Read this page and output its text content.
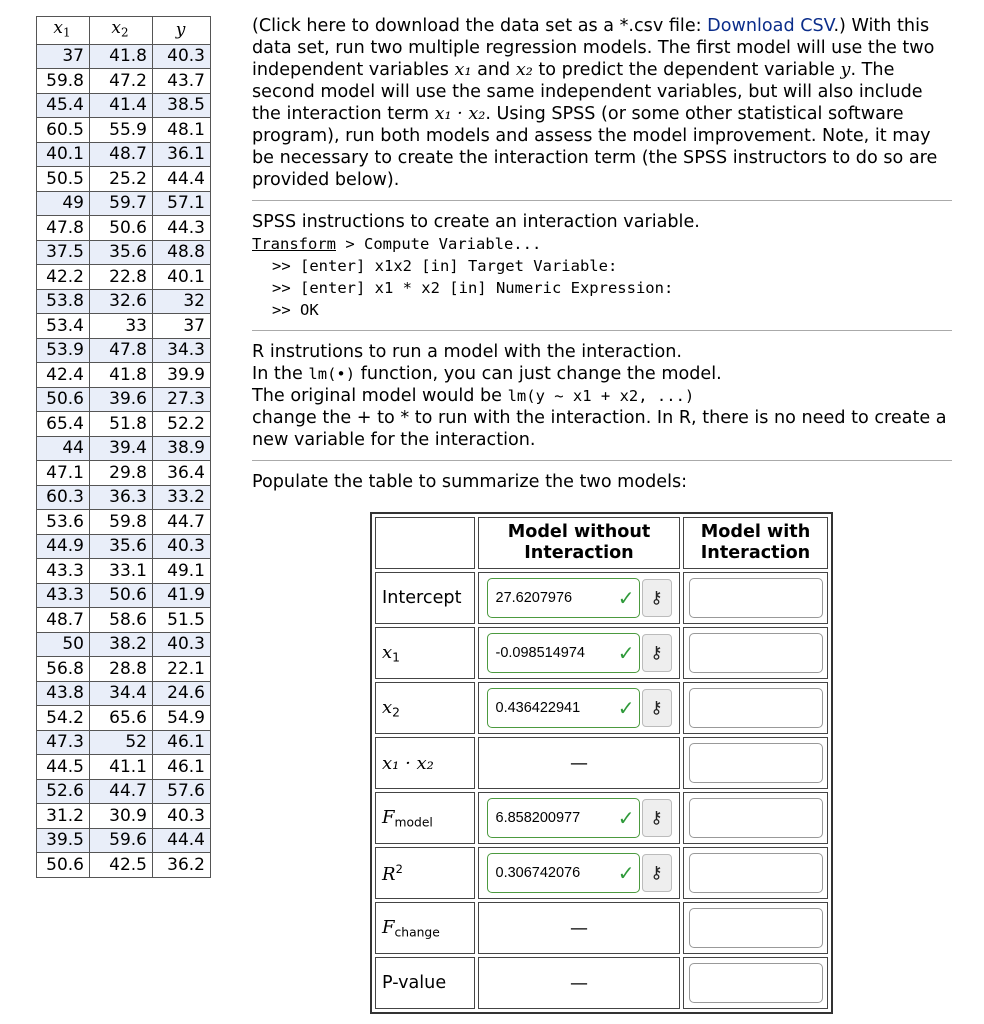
$x_1$	$x_2$	y
37	41.8	40.3
59.8	47.2	43.7
45.4	41.4	38.5
60.5	55.9	48.1
40.1	48.7	36.1
50.5	25.2	44.4
49	59.7	57.1
47.8	50.6	44.3
37.5	35.6	48.8
42.2	22.8	40.1
53.8	32.6	32
53.4	33	37
53.9	47.8	34.3
42.4	41.8	39.9
50.6	39.6	27.3
65.4	51.8	52.2
44	39.4	38.9
47.1	29.8	36.4
60.3	36.3	33.2
53.6	59.8	44.7
44.9	35.6	40.3
43.3	33.1	49.1
43.3	50.6	41.9
48.7	58.6	51.5
50	38.2	40.3
56.8	28.8	22.1
43.8	34.4	24.6
54.2	65.6	54.9
47.3	52	46.1
44.5	41.1	46.1
52.6	44.7	57.6
31.2	30.9	40.3
39.5	59.6	44.4
50.6	42.5	36.2

(Click here to download the data set as a *.csv file: Download CSV.) With this data set, run two multiple regression models. The first model will use the two independent variables x₁ and x₂ to predict the dependent variable y. The second model will use the same independent variables, but will also include the interaction term x₁ · x₂. Using SPSS (or some other statistical software program), run both models and assess the model improvement. Note, it may be necessary to create the interaction term (the SPSS instructors to do so are provided below).

SPSS instructions to create an interaction variable.

Transform > Compute Variable...

>> [enter] x1x2 [in] Target Variable:

>> [enter] x1 * x2 [in] Numeric Expression:

>> OK

R instrutions to run a model with the interaction.

In the lm(•) function, you can just change the model.

The original model would be lm(y ~ x1 + x2, ...)

change the + to * to run with the interaction. In R, there is no need to create a new variable for the interaction.

Populate the table to summarize the two models:

	Model without Interaction	Model with Interaction
Intercept	27.6207976 ✓ ⚷	
$x_1$	-0.098514974 ✓ ⚷	
$x_2$	0.436422941 ✓ ⚷	
x₁ · x₂	—	
$F_{model}$	6.858200977 ✓ ⚷	
$R^2$	0.306742076 ✓ ⚷	
$F_{change}$	—	
P-value	—	
